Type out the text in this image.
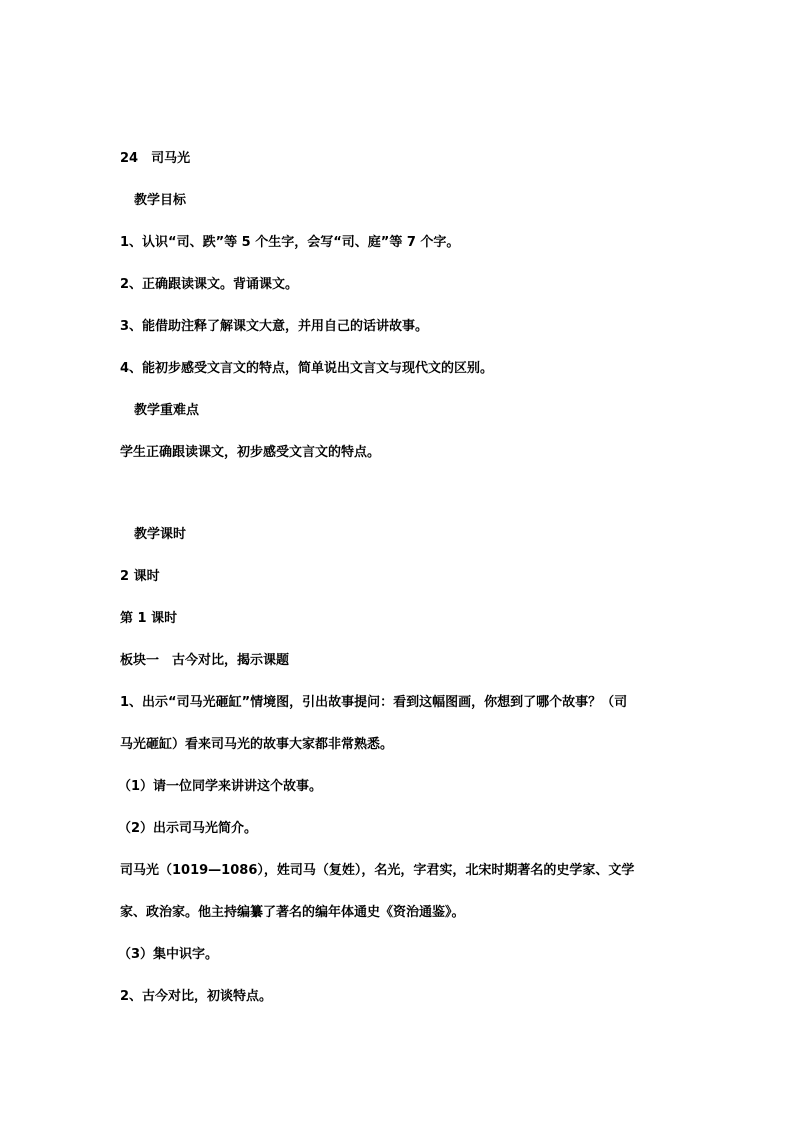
24　司马光

教学目标

1、认识“司、跌”等 5 个生字，会写“司、庭”等 7 个字。

2、正确跟读课文。背诵课文。

3、能借助注释了解课文大意，并用自己的话讲故事。

4、能初步感受文言文的特点，简单说出文言文与现代文的区别。

教学重难点

学生正确跟读课文，初步感受文言文的特点。

教学课时

2 课时

第 1 课时

板块一　古今对比，揭示课题

1、出示“司马光砸缸”情境图，引出故事提问：看到这幅图画，你想到了哪个故事？（司

马光砸缸）看来司马光的故事大家都非常熟悉。

（1）请一位同学来讲讲这个故事。

（2）出示司马光简介。

司马光（1019—1086），姓司马（复姓），名光，字君实，北宋时期著名的史学家、文学

家、政治家。他主持编纂了著名的编年体通史《资治通鉴》。

（3）集中识字。

2、古今对比，初谈特点。
